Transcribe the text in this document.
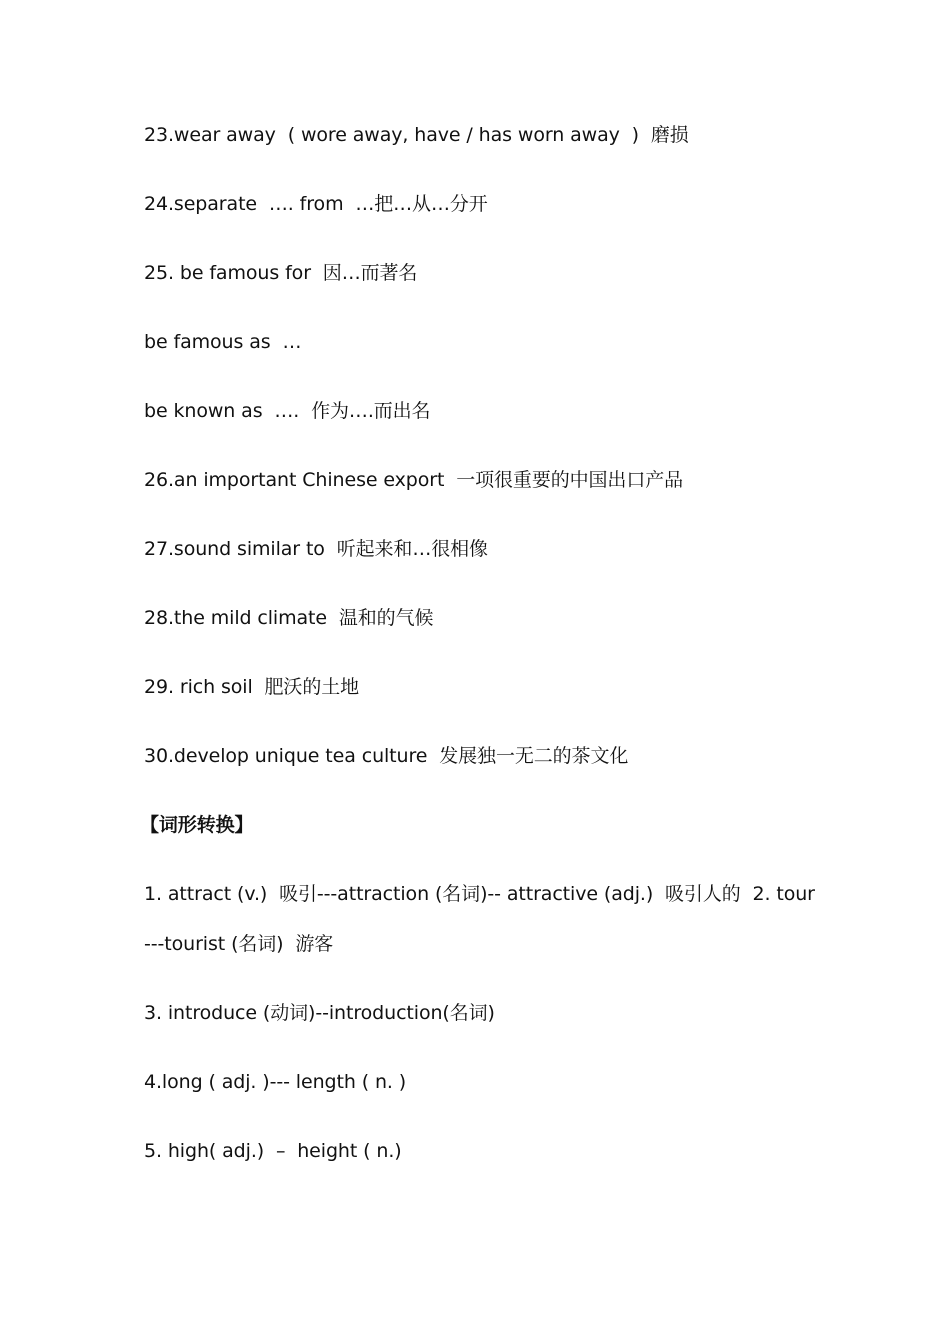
23.wear away  ( wore away, have / has worn away  )  磨损
24.separate  …. from  …把…从…分开
25. be famous for  因…而著名
be famous as  …
be known as  ….  作为….而出名
26.an important Chinese export  一项很重要的中国出口产品
27.sound similar to  听起来和…很相像
28.the mild climate  温和的气候
29. rich soil  肥沃的土地
30.develop unique tea culture  发展独一无二的茶文化
【词形转换】
1. attract (v.)  吸引---attraction (名词)-- attractive (adj.)  吸引人的  2. tour
---tourist (名词)  游客
3. introduce (动词)--introduction(名词)
4.long ( adj. )--- length ( n. )
5. high( adj.)  –  height ( n.)
